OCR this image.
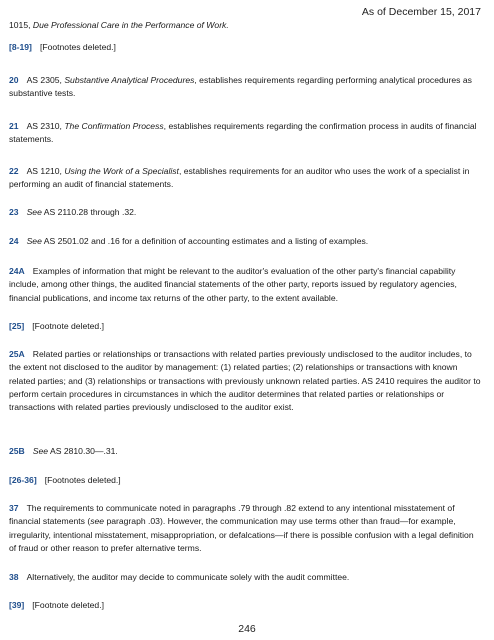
As of December 15, 2017
1015, Due Professional Care in the Performance of Work.
[8-19] [Footnotes deleted.]
20 AS 2305, Substantive Analytical Procedures, establishes requirements regarding performing analytical procedures as substantive tests.
21 AS 2310, The Confirmation Process, establishes requirements regarding the confirmation process in audits of financial statements.
22 AS 1210, Using the Work of a Specialist, establishes requirements for an auditor who uses the work of a specialist in performing an audit of financial statements.
23 See AS 2110.28 through .32.
24 See AS 2501.02 and .16 for a definition of accounting estimates and a listing of examples.
24A Examples of information that might be relevant to the auditor's evaluation of the other party's financial capability include, among other things, the audited financial statements of the other party, reports issued by regulatory agencies, financial publications, and income tax returns of the other party, to the extent available.
[25] [Footnote deleted.]
25A Related parties or relationships or transactions with related parties previously undisclosed to the auditor includes, to the extent not disclosed to the auditor by management: (1) related parties; (2) relationships or transactions with known related parties; and (3) relationships or transactions with previously unknown related parties. AS 2410 requires the auditor to perform certain procedures in circumstances in which the auditor determines that related parties or relationships or transactions with related parties previously undisclosed to the auditor exist.
25B See AS 2810.30—.31.
[26-36] [Footnotes deleted.]
37 The requirements to communicate noted in paragraphs .79 through .82 extend to any intentional misstatement of financial statements (see paragraph .03). However, the communication may use terms other than fraud—for example, irregularity, intentional misstatement, misappropriation, or defalcations—if there is possible confusion with a legal definition of fraud or other reason to prefer alternative terms.
38 Alternatively, the auditor may decide to communicate solely with the audit committee.
[39] [Footnote deleted.]
246
